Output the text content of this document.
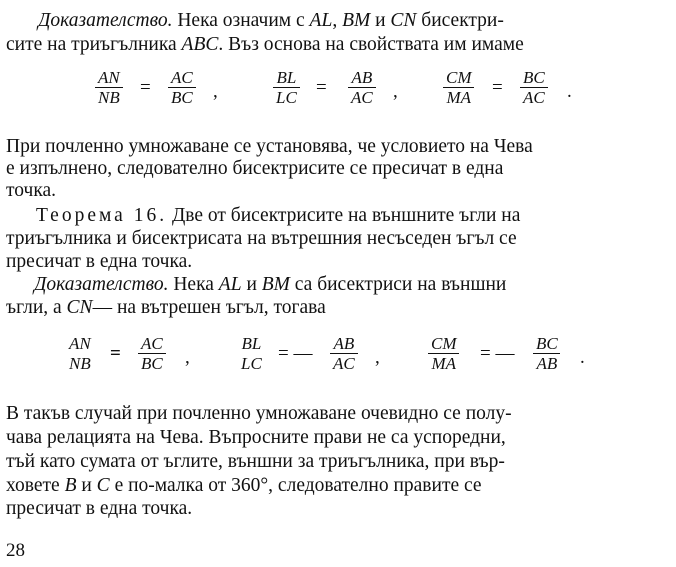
Доказателство. Нека означим с AL, BM и CN бисектри-
сите на триъгълника ABC. Въз основа на свойствата им имаме
$\frac{AN}{NB} = \frac{AC}{BC}$ ,	$\frac{BL}{LC} = \frac{AB}{AC}$ ,	$\frac{CM}{MA} = \frac{BC}{AC}$ .
При почленно умножаване се установява, че условието на Чева
е изпълнено, следователно бисектрисите се пресичат в една
точка.
Теорема 16. Две от бисектрисите на външните ъгли на
триъгълника и бисектрисата на вътрешния несъседен ъгъл се
пресичат в една точка.
Доказателство. Нека AL и BM са бисектриси на външни
ъгли, а CN— на вътрешен ъгъл, тогава
AN
NB = $\frac{AC}{BC}$ ,
BL
LC = — $\frac{AB}{AC}$ ,	$\frac{CM}{MA}$ = — $\frac{BC}{AB}$ .
В такъв случай при почленно умножаване очевидно се полу-
чава релацията на Чева. Въпросните прави не са успоредни,
тъй като сумата от ъглите, външни за триъгълника, при вър-
ховете B и C е по-малка от 360°, следователно правите се
пресичат в една точка.
28
